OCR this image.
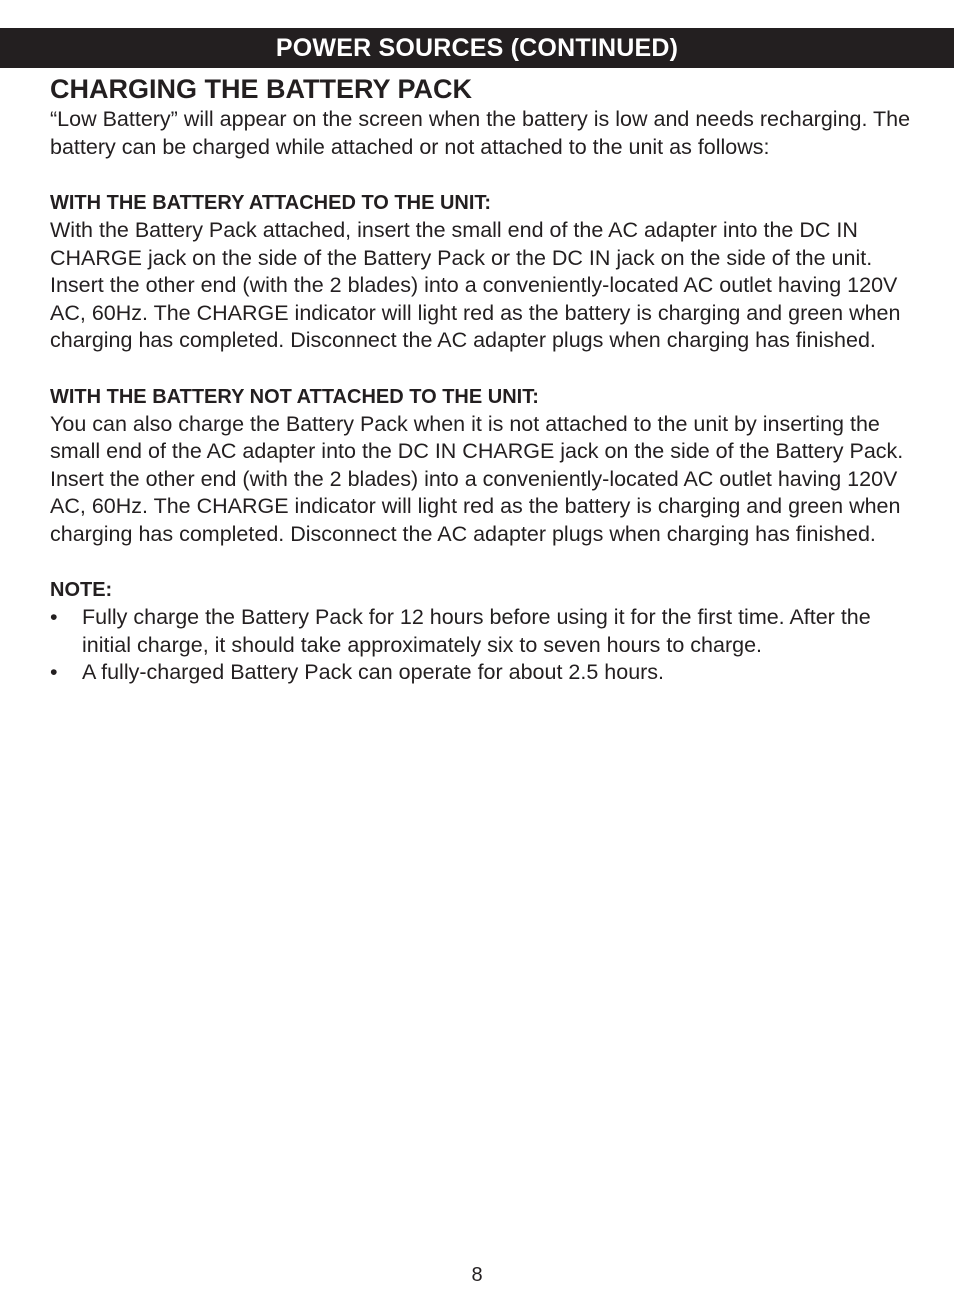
POWER SOURCES (CONTINUED)
CHARGING THE BATTERY PACK

“Low Battery” will appear on the screen when the battery is low and needs recharging. The battery can be charged while attached or not attached to the unit as follows:

WITH THE BATTERY ATTACHED TO THE UNIT:

With the Battery Pack attached, insert the small end of the AC adapter into the DC IN CHARGE jack on the side of the Battery Pack or the DC IN jack on the side of the unit. Insert the other end (with the 2 blades) into a conveniently-located AC outlet having 120V AC, 60Hz. The CHARGE indicator will light red as the battery is charging and green when charging has completed. Disconnect the AC adapter plugs when charging has finished.

WITH THE BATTERY NOT ATTACHED TO THE UNIT:

You can also charge the Battery Pack when it is not attached to the unit by inserting the small end of the AC adapter into the DC IN CHARGE jack on the side of the Battery Pack. Insert the other end (with the 2 blades) into a conveniently-located AC outlet having 120V AC, 60Hz. The CHARGE indicator will light red as the battery is charging and green when charging has completed. Disconnect the AC adapter plugs when charging has finished.

NOTE:
• Fully charge the Battery Pack for 12 hours before using it for the first time. After the initial charge, it should take approximately six to seven hours to charge.
• A fully-charged Battery Pack can operate for about 2.5 hours.
8
